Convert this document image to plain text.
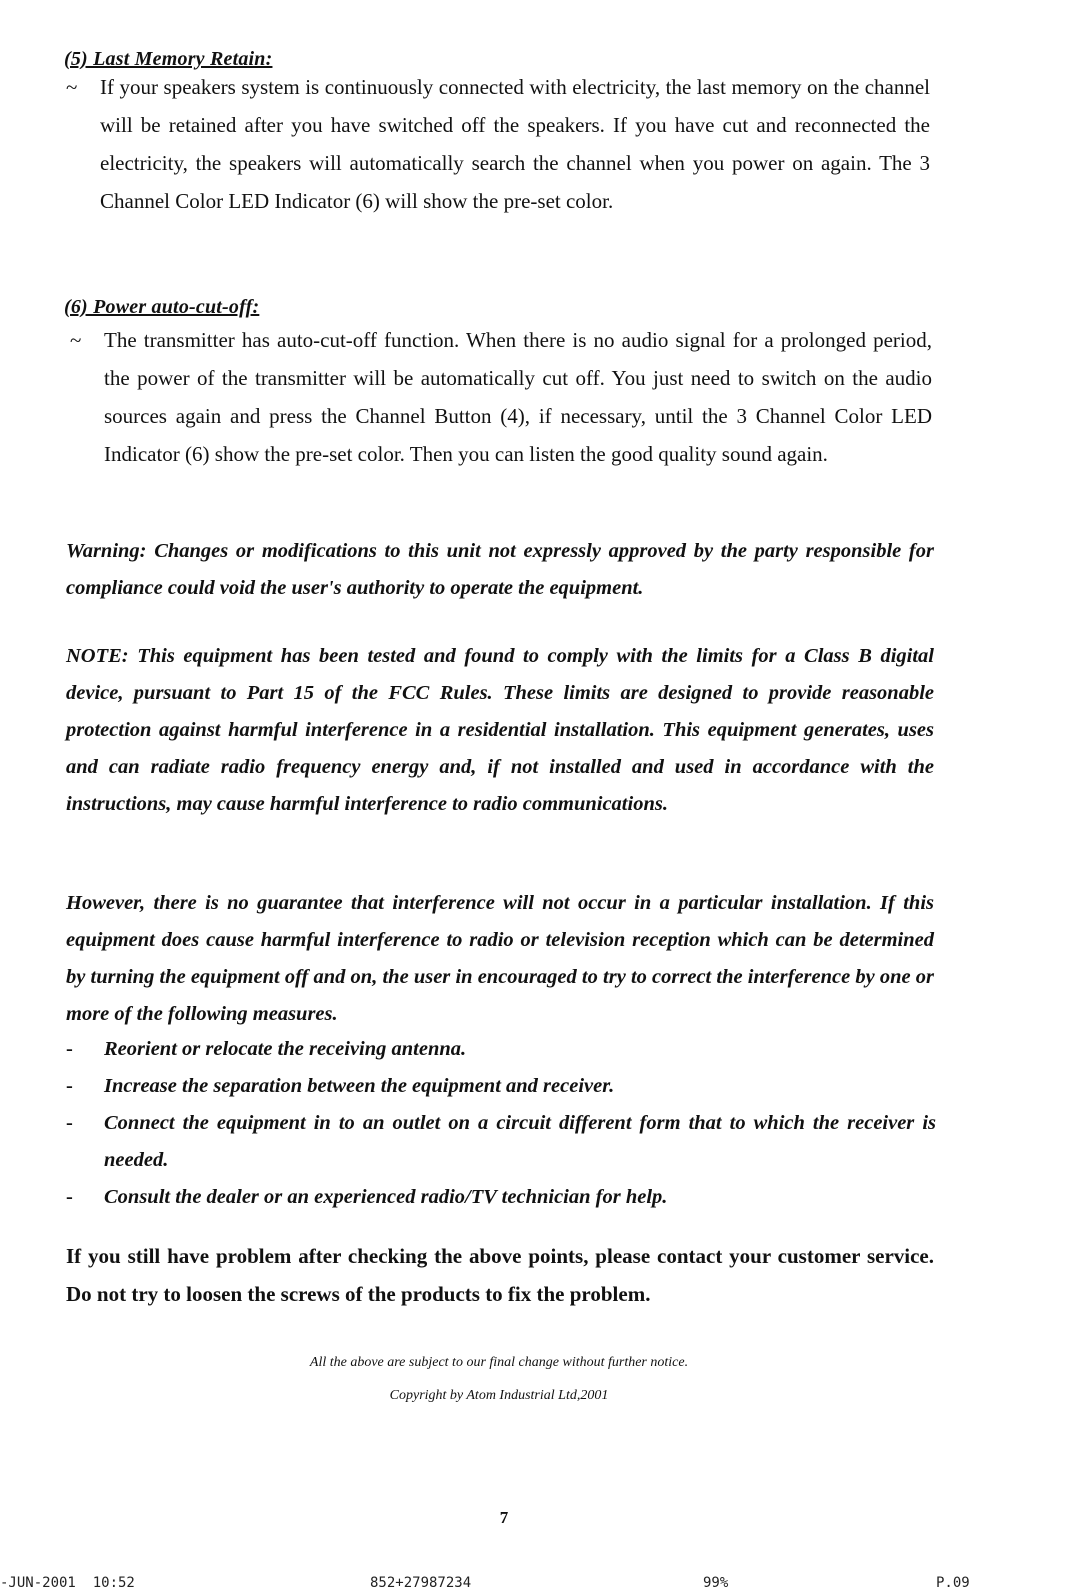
(5) Last Memory Retain:
~ If your speakers system is continuously connected with electricity, the last memory on the channel will be retained after you have switched off the speakers. If you have cut and reconnected the electricity, the speakers will automatically search the channel when you power on again. The 3 Channel Color LED Indicator (6) will show the pre-set color.
(6) Power auto-cut-off:
~ The transmitter has auto-cut-off function. When there is no audio signal for a prolonged period, the power of the transmitter will be automatically cut off. You just need to switch on the audio sources again and press the Channel Button (4), if necessary, until the 3 Channel Color LED Indicator (6) show the pre-set color. Then you can listen the good quality sound again.
Warning: Changes or modifications to this unit not expressly approved by the party responsible for compliance could void the user's authority to operate the equipment.
NOTE: This equipment has been tested and found to comply with the limits for a Class B digital device, pursuant to Part 15 of the FCC Rules. These limits are designed to provide reasonable protection against harmful interference in a residential installation. This equipment generates, uses and can radiate radio frequency energy and, if not installed and used in accordance with the instructions, may cause harmful interference to radio communications.
However, there is no guarantee that interference will not occur in a particular installation. If this equipment does cause harmful interference to radio or television reception which can be determined by turning the equipment off and on, the user in encouraged to try to correct the interference by one or more of the following measures.
- Reorient or relocate the receiving antenna.
- Increase the separation between the equipment and receiver.
- Connect the equipment in to an outlet on a circuit different form that to which the receiver is needed.
- Consult the dealer or an experienced radio/TV technician for help.
If you still have problem after checking the above points, please contact your customer service. Do not try to loosen the screws of the products to fix the problem.
All the above are subject to our final change without further notice.
Copyright by Atom Industrial Ltd,2001
7
-JUN-2001  10:52	852+27987234	99%	P.09
